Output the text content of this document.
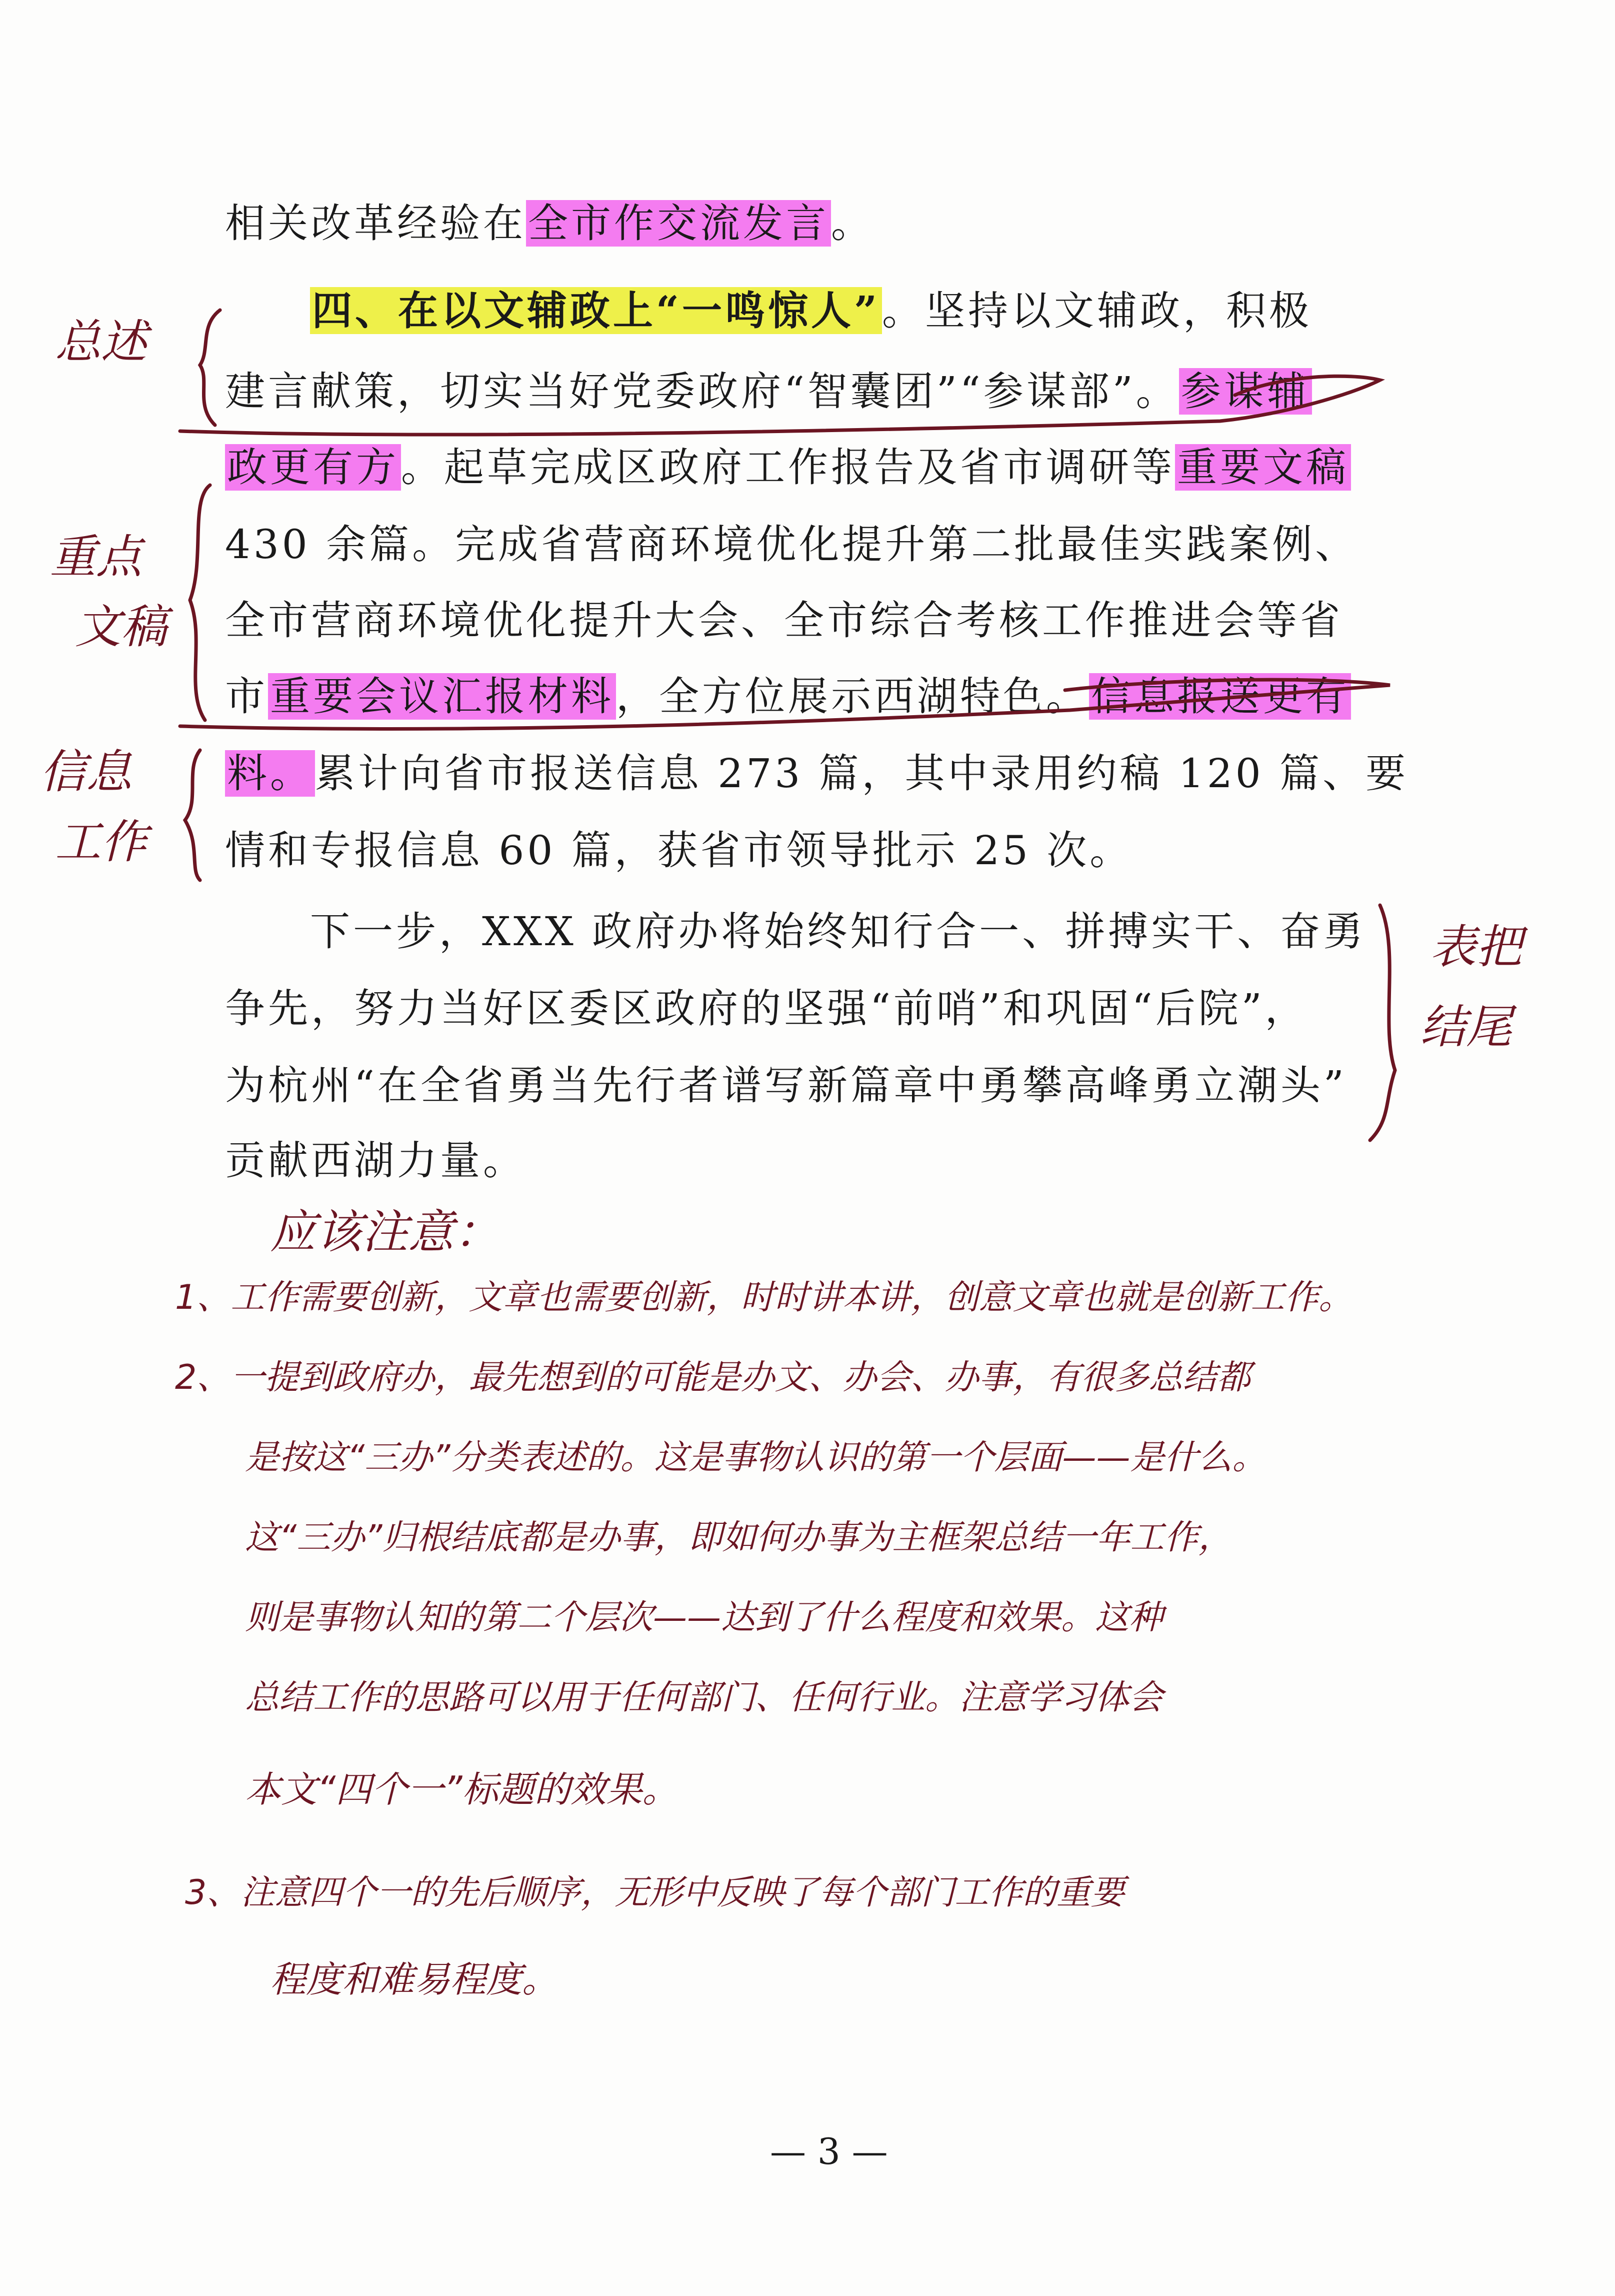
相关改革经验在全市作交流发言。
四、在以文辅政上“一鸣惊人”。坚持以文辅政，积极
建言献策，切实当好党委政府“智囊团”“参谋部”。参谋辅
政更有方。起草完成区政府工作报告及省市调研等重要文稿
430 余篇。完成省营商环境优化提升第二批最佳实践案例、
全市营商环境优化提升大会、全市综合考核工作推进会等省
市重要会议汇报材料，全方位展示西湖特色。信息报送更有
料。累计向省市报送信息 273 篇，其中录用约稿 120 篇、要
情和专报信息 60 篇，获省市领导批示 25 次。
下一步，XXX 政府办将始终知行合一、拼搏实干、奋勇
争先，努力当好区委区政府的坚强“前哨”和巩固“后院”，
为杭州“在全省勇当先行者谱写新篇章中勇攀高峰勇立潮头”
贡献西湖力量。
总述
重点
文稿
信息
工作
表把
结尾
应该注意：
1、工作需要创新，文章也需要创新，时时讲本讲，创意文章也就是创新工作。
2、一提到政府办，最先想到的可能是办文、办会、办事，有很多总结都
是按这“三办”分类表述的。这是事物认识的第一个层面——是什么。
这“三办”归根结底都是办事，即如何办事为主框架总结一年工作，
则是事物认知的第二个层次——达到了什么程度和效果。这种
总结工作的思路可以用于任何部门、任何行业。注意学习体会
本文“四个一”标题的效果。
3、注意四个一的先后顺序，无形中反映了每个部门工作的重要
程度和难易程度。
— 3 —
